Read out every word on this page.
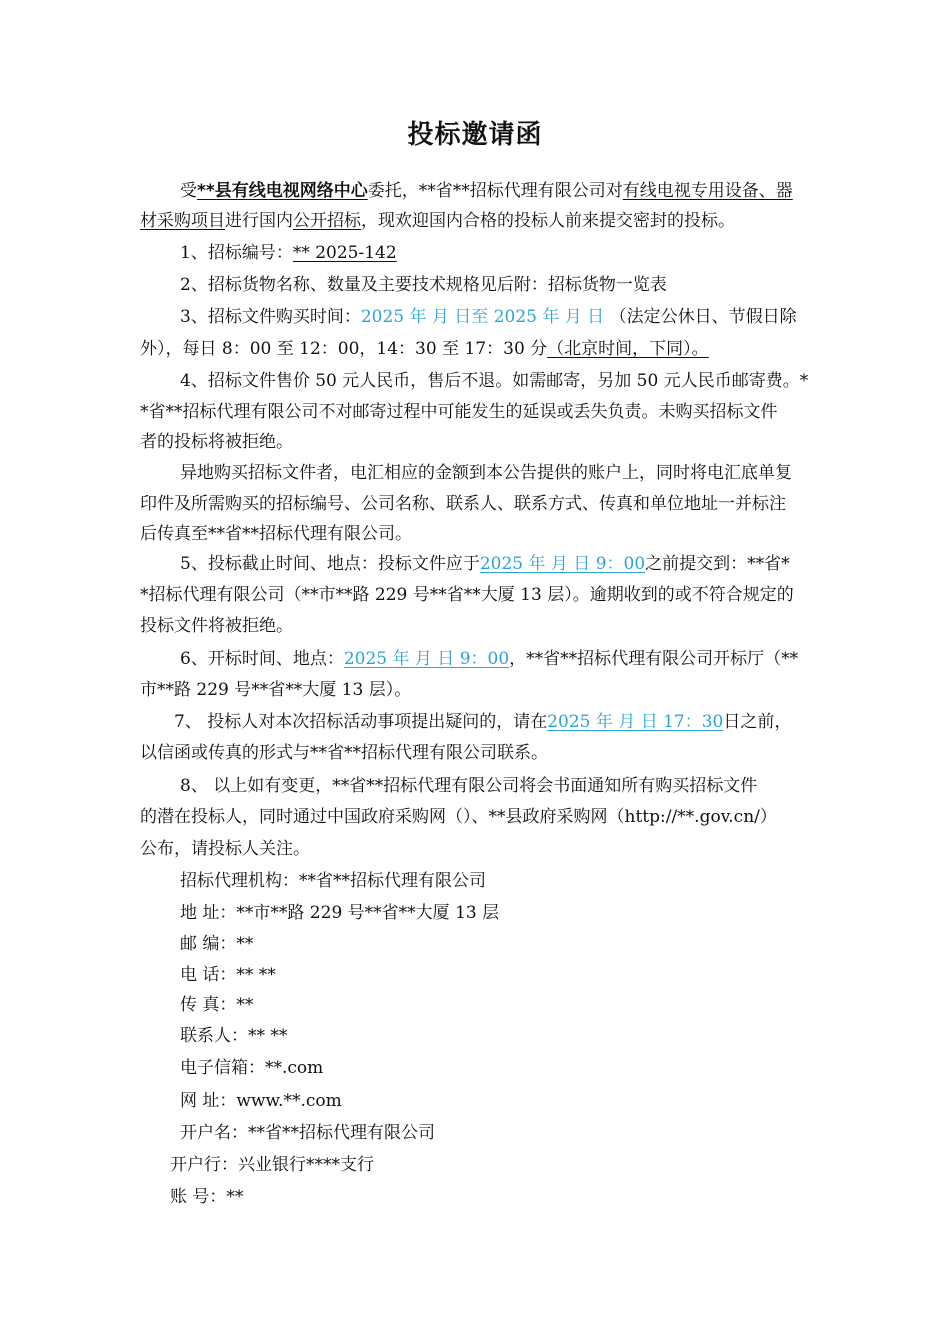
投标邀请函
受**县有线电视网络中心委托，**省**招标代理有限公司对有线电视专用设备、器
材采购项目进行国内公开招标，现欢迎国内合格的投标人前来提交密封的投标。
1、招标编号：** 2025-142
2、招标货物名称、数量及主要技术规格见后附：招标货物一览表
3、招标文件购买时间：2025 年 月 日至 2025 年 月 日 （法定公休日、节假日除
外），每日 8：00 至 12：00，14：30 至 17：30 分（北京时间，下同）。
4、招标文件售价 50 元人民币，售后不退。如需邮寄，另加 50 元人民币邮寄费。*
*省**招标代理有限公司不对邮寄过程中可能发生的延误或丢失负责。未购买招标文件
者的投标将被拒绝。
异地购买招标文件者，电汇相应的金额到本公告提供的账户上，同时将电汇底单复
印件及所需购买的招标编号、公司名称、联系人、联系方式、传真和单位地址一并标注
后传真至**省**招标代理有限公司。
5、投标截止时间、地点：投标文件应于2025 年 月 日 9：00之前提交到：**省*
*招标代理有限公司（**市**路 229 号**省**大厦 13 层）。逾期收到的或不符合规定的
投标文件将被拒绝。
6、开标时间、地点：2025 年 月 日 9：00，**省**招标代理有限公司开标厅（**
市**路 229 号**省**大厦 13 层）。
7、 投标人对本次招标活动事项提出疑问的，请在2025 年 月 日 17：30日之前，
以信函或传真的形式与**省**招标代理有限公司联系。
8、 以上如有变更，**省**招标代理有限公司将会书面通知所有购买招标文件
的潜在投标人，同时通过中国政府采购网（）、**县政府采购网（http://**.gov.cn/）
公布，请投标人关注。
招标代理机构：**省**招标代理有限公司
地 址：**市**路 229 号**省**大厦 13 层
邮 编：**
电 话：** **
传 真：**
联系人：** **
电子信箱：**.com
网 址：www.**.com
开户名：**省**招标代理有限公司
开户行：兴业银行****支行
账 号：**
